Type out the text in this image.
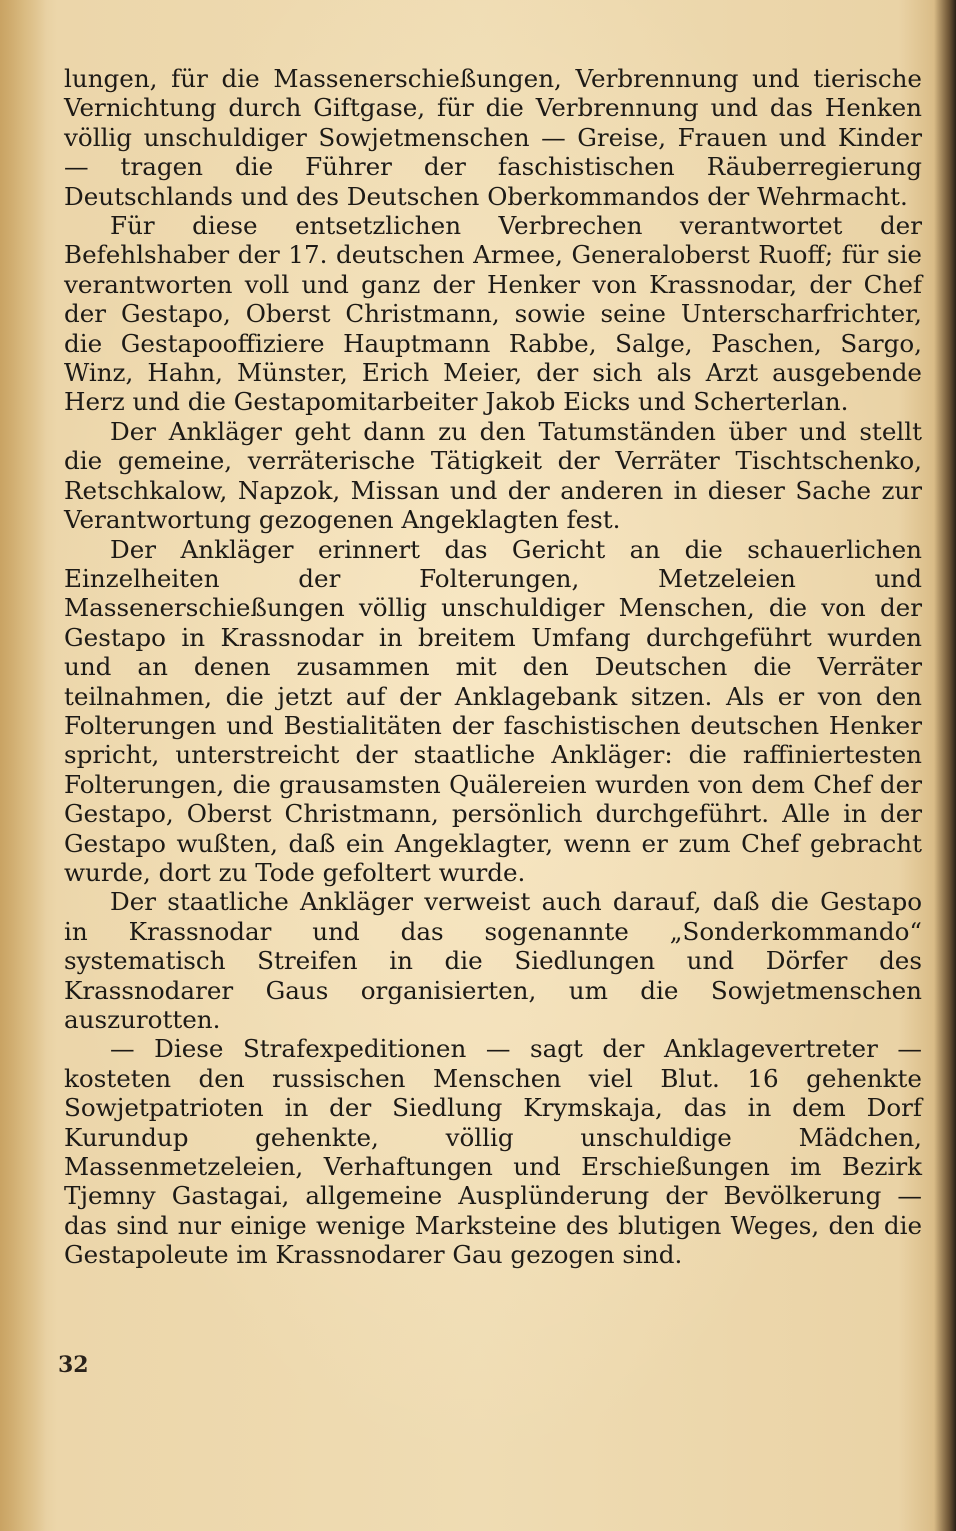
lungen, für die Massenerschießungen, Verbrennung und tierische Vernichtung durch Giftgase, für die Verbrennung und das Henken völlig unschuldiger Sowjetmenschen — Greise, Frauen und Kinder — tragen die Führer der faschistischen Räuberregierung Deutschlands und des Deutschen Oberkommandos der Wehrmacht.

Für diese entsetzlichen Verbrechen verantwortet der Befehlshaber der 17. deutschen Armee, Generaloberst Ruoff; für sie verantworten voll und ganz der Henker von Krassnodar, der Chef der Gestapo, Oberst Christmann, sowie seine Unterscharfrichter, die Gestapooffiziere Hauptmann Rabbe, Salge, Paschen, Sargo, Winz, Hahn, Münster, Erich Meier, der sich als Arzt ausgebende Herz und die Gestapomitarbeiter Jakob Eicks und Scherterlan.

Der Ankläger geht dann zu den Tatumständen über und stellt die gemeine, verräterische Tätigkeit der Verräter Tischtschenko, Retschkalow, Napzok, Missan und der anderen in dieser Sache zur Verantwortung gezogenen Angeklagten fest.

Der Ankläger erinnert das Gericht an die schauerlichen Einzelheiten der Folterungen, Metzeleien und Massenerschießungen völlig unschuldiger Menschen, die von der Gestapo in Krassnodar in breitem Umfang durchgeführt wurden und an denen zusammen mit den Deutschen die Verräter teilnahmen, die jetzt auf der Anklagebank sitzen. Als er von den Folterungen und Bestialitäten der faschistischen deutschen Henker spricht, unterstreicht der staatliche Ankläger: die raffiniertesten Folterungen, die grausamsten Quälereien wurden von dem Chef der Gestapo, Oberst Christmann, persönlich durchgeführt. Alle in der Gestapo wußten, daß ein Angeklagter, wenn er zum Chef gebracht wurde, dort zu Tode gefoltert wurde.

Der staatliche Ankläger verweist auch darauf, daß die Gestapo in Krassnodar und das sogenannte „Sonderkommando“ systematisch Streifen in die Siedlungen und Dörfer des Krassnodarer Gaus organisierten, um die Sowjetmenschen auszurotten.

— Diese Strafexpeditionen — sagt der Anklagevertreter — kosteten den russischen Menschen viel Blut. 16 gehenkte Sowjetpatrioten in der Siedlung Krymskaja, das in dem Dorf Kurundup gehenkte, völlig unschuldige Mädchen, Massenmetzeleien, Verhaftungen und Erschießungen im Bezirk Tjemny Gastagai, allgemeine Ausplünderung der Bevölkerung — das sind nur einige wenige Marksteine des blutigen Weges, den die Gestapoleute im Krassnodarer Gau gezogen sind.

32
